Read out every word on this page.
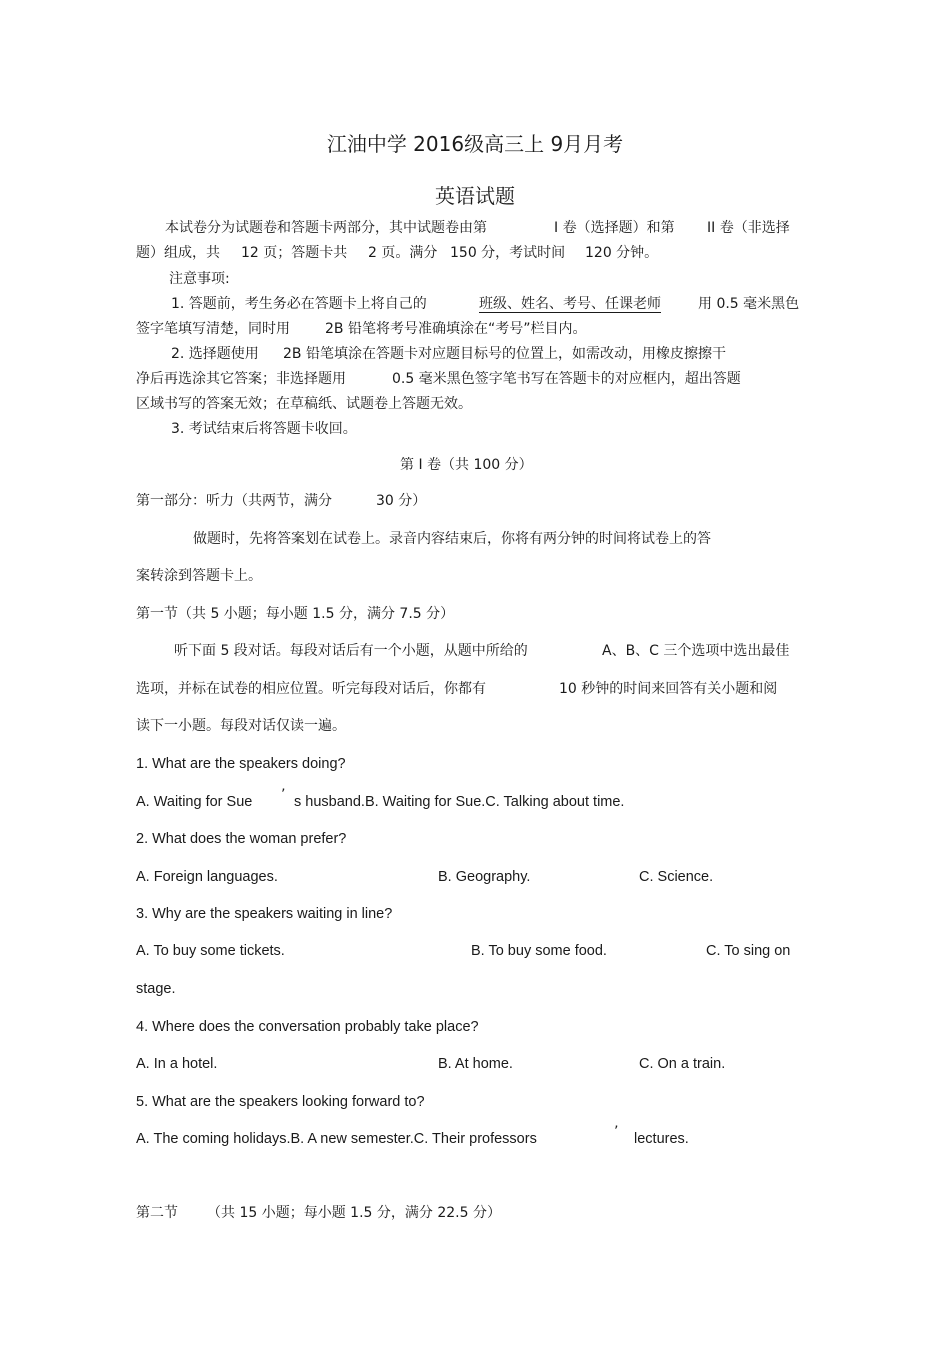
江油中学 2016级高三上 9月月考
英语试题
本试卷分为试题卷和答题卡两部分，其中试题卷由第	I 卷（选择题）和第 II 卷（非选择
题）组成，共 12 页；答题卡共 2 页。满分 150 分，考试时间 120 分钟。
注意事项:
1. 答题前，考生务必在答题卡上将自己的	班级、姓名、考号、任课老师	用 0.5 毫米黑色
签字笔填写清楚，同时用	2B 铅笔将考号准确填涂在“考号”栏目内。
2. 选择题使用 2B 铅笔填涂在答题卡对应题目标号的位置上，如需改动，用橡皮擦擦干
净后再选涂其它答案；非选择题用	0.5 毫米黑色签字笔书写在答题卡的对应框内，超出答题
区域书写的答案无效；在草稿纸、试题卷上答题无效。
3. 考试结束后将答题卡收回。
第 I 卷（共 100 分）
第一部分：听力（共两节，满分	30 分）
做题时，先将答案划在试卷上。录音内容结束后，你将有两分钟的时间将试卷上的答
案转涂到答题卡上。
第一节（共 5 小题；每小题 1.5 分，满分 7.5 分）
听下面 5 段对话。每段对话后有一个小题，从题中所给的	A、B、C 三个选项中选出最佳
选项，并标在试卷的相应位置。听完每段对话后，你都有	10 秒钟的时间来回答有关小题和阅
读下一小题。每段对话仅读一遍。
1. What are the speakers doing?
A. Waiting for Sue ’ s husband.B. Waiting for Sue.C. Talking about time.
2. What does the woman prefer?
A. Foreign languages.	B. Geography.	C. Science.
3. Why are the speakers waiting in line?
A. To buy some tickets.	B. To buy some food.	C. To sing on
stage.
4. Where does the conversation probably take place?
A. In a hotel.	B. At home.	C. On a train.
5. What are the speakers looking forward to?
A. The coming holidays.B. A new semester.C. Their professors	’ lectures.
第二节 （共 15 小题；每小题 1.5 分，满分 22.5 分）
